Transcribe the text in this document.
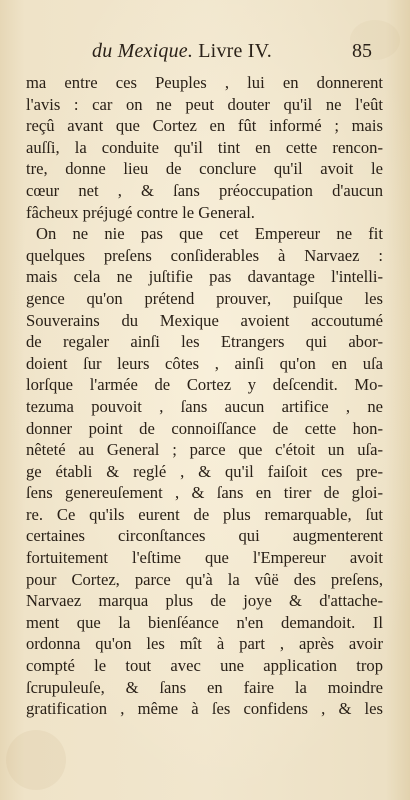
du Mexique. Livre IV.	85
ma entre ces Peuples , lui en donnerent
l'avis : car on ne peut douter qu'il ne l'eût
reçû avant que Cortez en fût informé ; mais
auſſi, la conduite qu'il tint en cette rencon-
tre, donne lieu de conclure qu'il avoit le
cœur net , & ſans préoccupation d'aucun
fâcheux préjugé contre le General.
On ne nie pas que cet Empereur ne fit
quelques preſens conſiderables à Narvaez :
mais cela ne juſtifie pas davantage l'intelli-
gence qu'on prétend prouver, puiſque les
Souverains du Mexique avoient accoutumé
de regaler ainſi les Etrangers qui abor-
doient ſur leurs côtes , ainſi qu'on en uſa
lorſque l'armée de Cortez y deſcendit. Mo-
tezuma pouvoit , ſans aucun artifice , ne
donner point de connoiſſance de cette hon-
nêteté au General ; parce que c'étoit un uſa-
ge établi & reglé , & qu'il faiſoit ces pre-
ſens genereuſement , & ſans en tirer de gloi-
re. Ce qu'ils eurent de plus remarquable, ſut
certaines circonſtances qui augmenterent
fortuitement l'eſtime que l'Empereur avoit
pour Cortez, parce qu'à la vûë des preſens,
Narvaez marqua plus de joye & d'attache-
ment que la bienſéance n'en demandoit. Il
ordonna qu'on les mît à part , après avoir
compté le tout avec une application trop
ſcrupuleuſe, & ſans en faire la moindre
gratification , même à ſes confidens , & les
